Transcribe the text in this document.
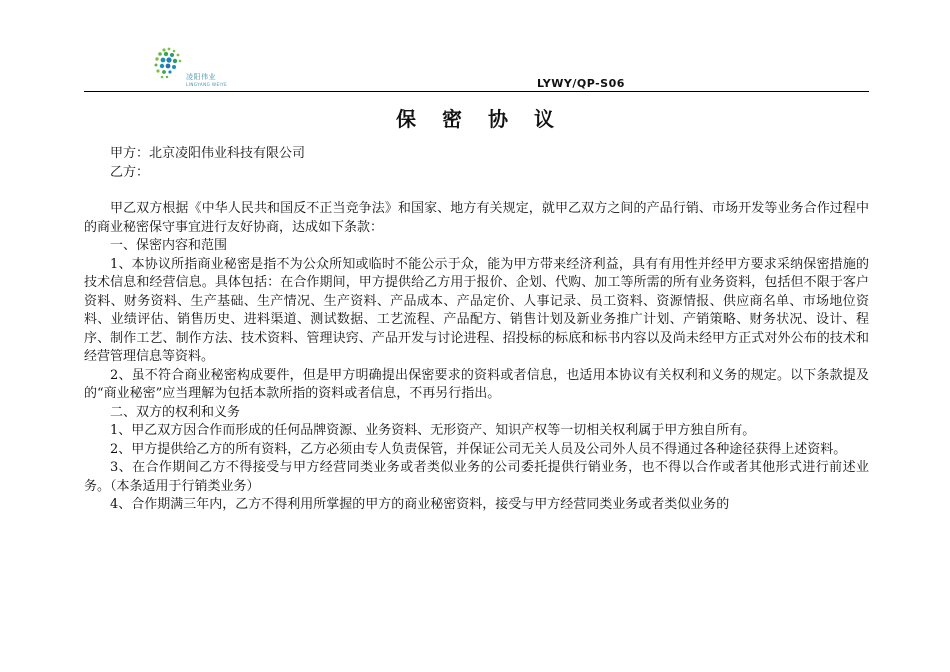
凌阳伟业
LINGYANG WEIYE	LYWY/QP-S06
保密协议

甲方：北京凌阳伟业科技有限公司

乙方：

甲乙双方根据《中华人民共和国反不正当竞争法》和国家、地方有关规定，就甲乙双方之间的产品行销、市场开发等业务合作过程中的商业秘密保守事宜进行友好协商，达成如下条款：

一、保密内容和范围

1、本协议所指商业秘密是指不为公众所知或临时不能公示于众，能为甲方带来经济利益，具有有用性并经甲方要求采纳保密措施的技术信息和经营信息。具体包括：在合作期间，甲方提供给乙方用于报价、企划、代购、加工等所需的所有业务资料，包括但不限于客户资料、财务资料、生产基础、生产情况、生产资料、产品成本、产品定价、人事记录、员工资料、资源情报、供应商名单、市场地位资料、业绩评估、销售历史、进料渠道、测试数据、工艺流程、产品配方、销售计划及新业务推广计划、产销策略、财务状况、设计、程序、制作工艺、制作方法、技术资料、管理诀窍、产品开发与讨论进程、招投标的标底和标书内容以及尚未经甲方正式对外公布的技术和经营管理信息等资料。

2、虽不符合商业秘密构成要件，但是甲方明确提出保密要求的资料或者信息，也适用本协议有关权利和义务的规定。以下条款提及的“商业秘密”应当理解为包括本款所指的资料或者信息，不再另行指出。

二、双方的权利和义务

1、甲乙双方因合作而形成的任何品牌资源、业务资料、无形资产、知识产权等一切相关权利属于甲方独自所有。

2、甲方提供给乙方的所有资料，乙方必须由专人负责保管，并保证公司无关人员及公司外人员不得通过各种途径获得上述资料。

3、在合作期间乙方不得接受与甲方经营同类业务或者类似业务的公司委托提供行销业务，也不得以合作或者其他形式进行前述业务。（本条适用于行销类业务）

4、合作期满三年内，乙方不得利用所掌握的甲方的商业秘密资料，接受与甲方经营同类业务或者类似业务的
